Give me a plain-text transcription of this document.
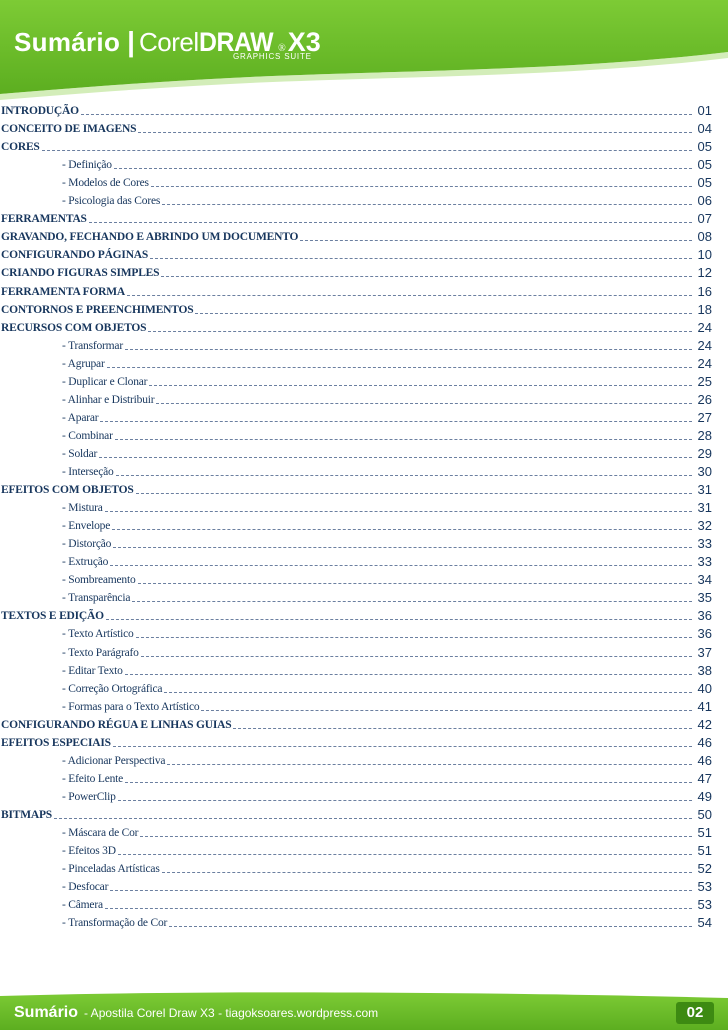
Sumário | Corel DRAW ® X3
GRAPHICS SUITE
INTRODUÇÃO	01
CONCEITO DE IMAGENS	04
CORES	05
- Definição	05
- Modelos de Cores	05
- Psicologia das Cores	06
FERRAMENTAS	07
GRAVANDO, FECHANDO E ABRINDO UM DOCUMENTO	08
CONFIGURANDO PÁGINAS	10
CRIANDO FIGURAS SIMPLES	12
FERRAMENTA FORMA	16
CONTORNOS E PREENCHIMENTOS	18
RECURSOS COM OBJETOS	24
- Transformar	24
- Agrupar	24
- Duplicar e Clonar	25
- Alinhar e Distribuir	26
- Aparar	27
- Combinar	28
- Soldar	29
- Interseção	30
EFEITOS COM OBJETOS	31
- Mistura	31
- Envelope	32
- Distorção	33
- Extrução	33
- Sombreamento	34
- Transparência	35
TEXTOS E EDIÇÃO	36
- Texto Artístico	36
- Texto Parágrafo	37
- Editar Texto	38
- Correção Ortográfica	40
- Formas para o Texto Artístico	41
CONFIGURANDO RÉGUA E LINHAS GUIAS	42
EFEITOS ESPECIAIS	46
- Adicionar Perspectiva	46
- Efeito Lente	47
- PowerClip	49
BITMAPS	50
- Máscara de Cor	51
- Efeitos 3D	51
- Pinceladas Artísticas	52
- Desfocar	53
- Câmera	53
- Transformação de Cor	54
Sumário - Apostila Corel Draw X3 - tiagoksoares.wordpress.com	02
